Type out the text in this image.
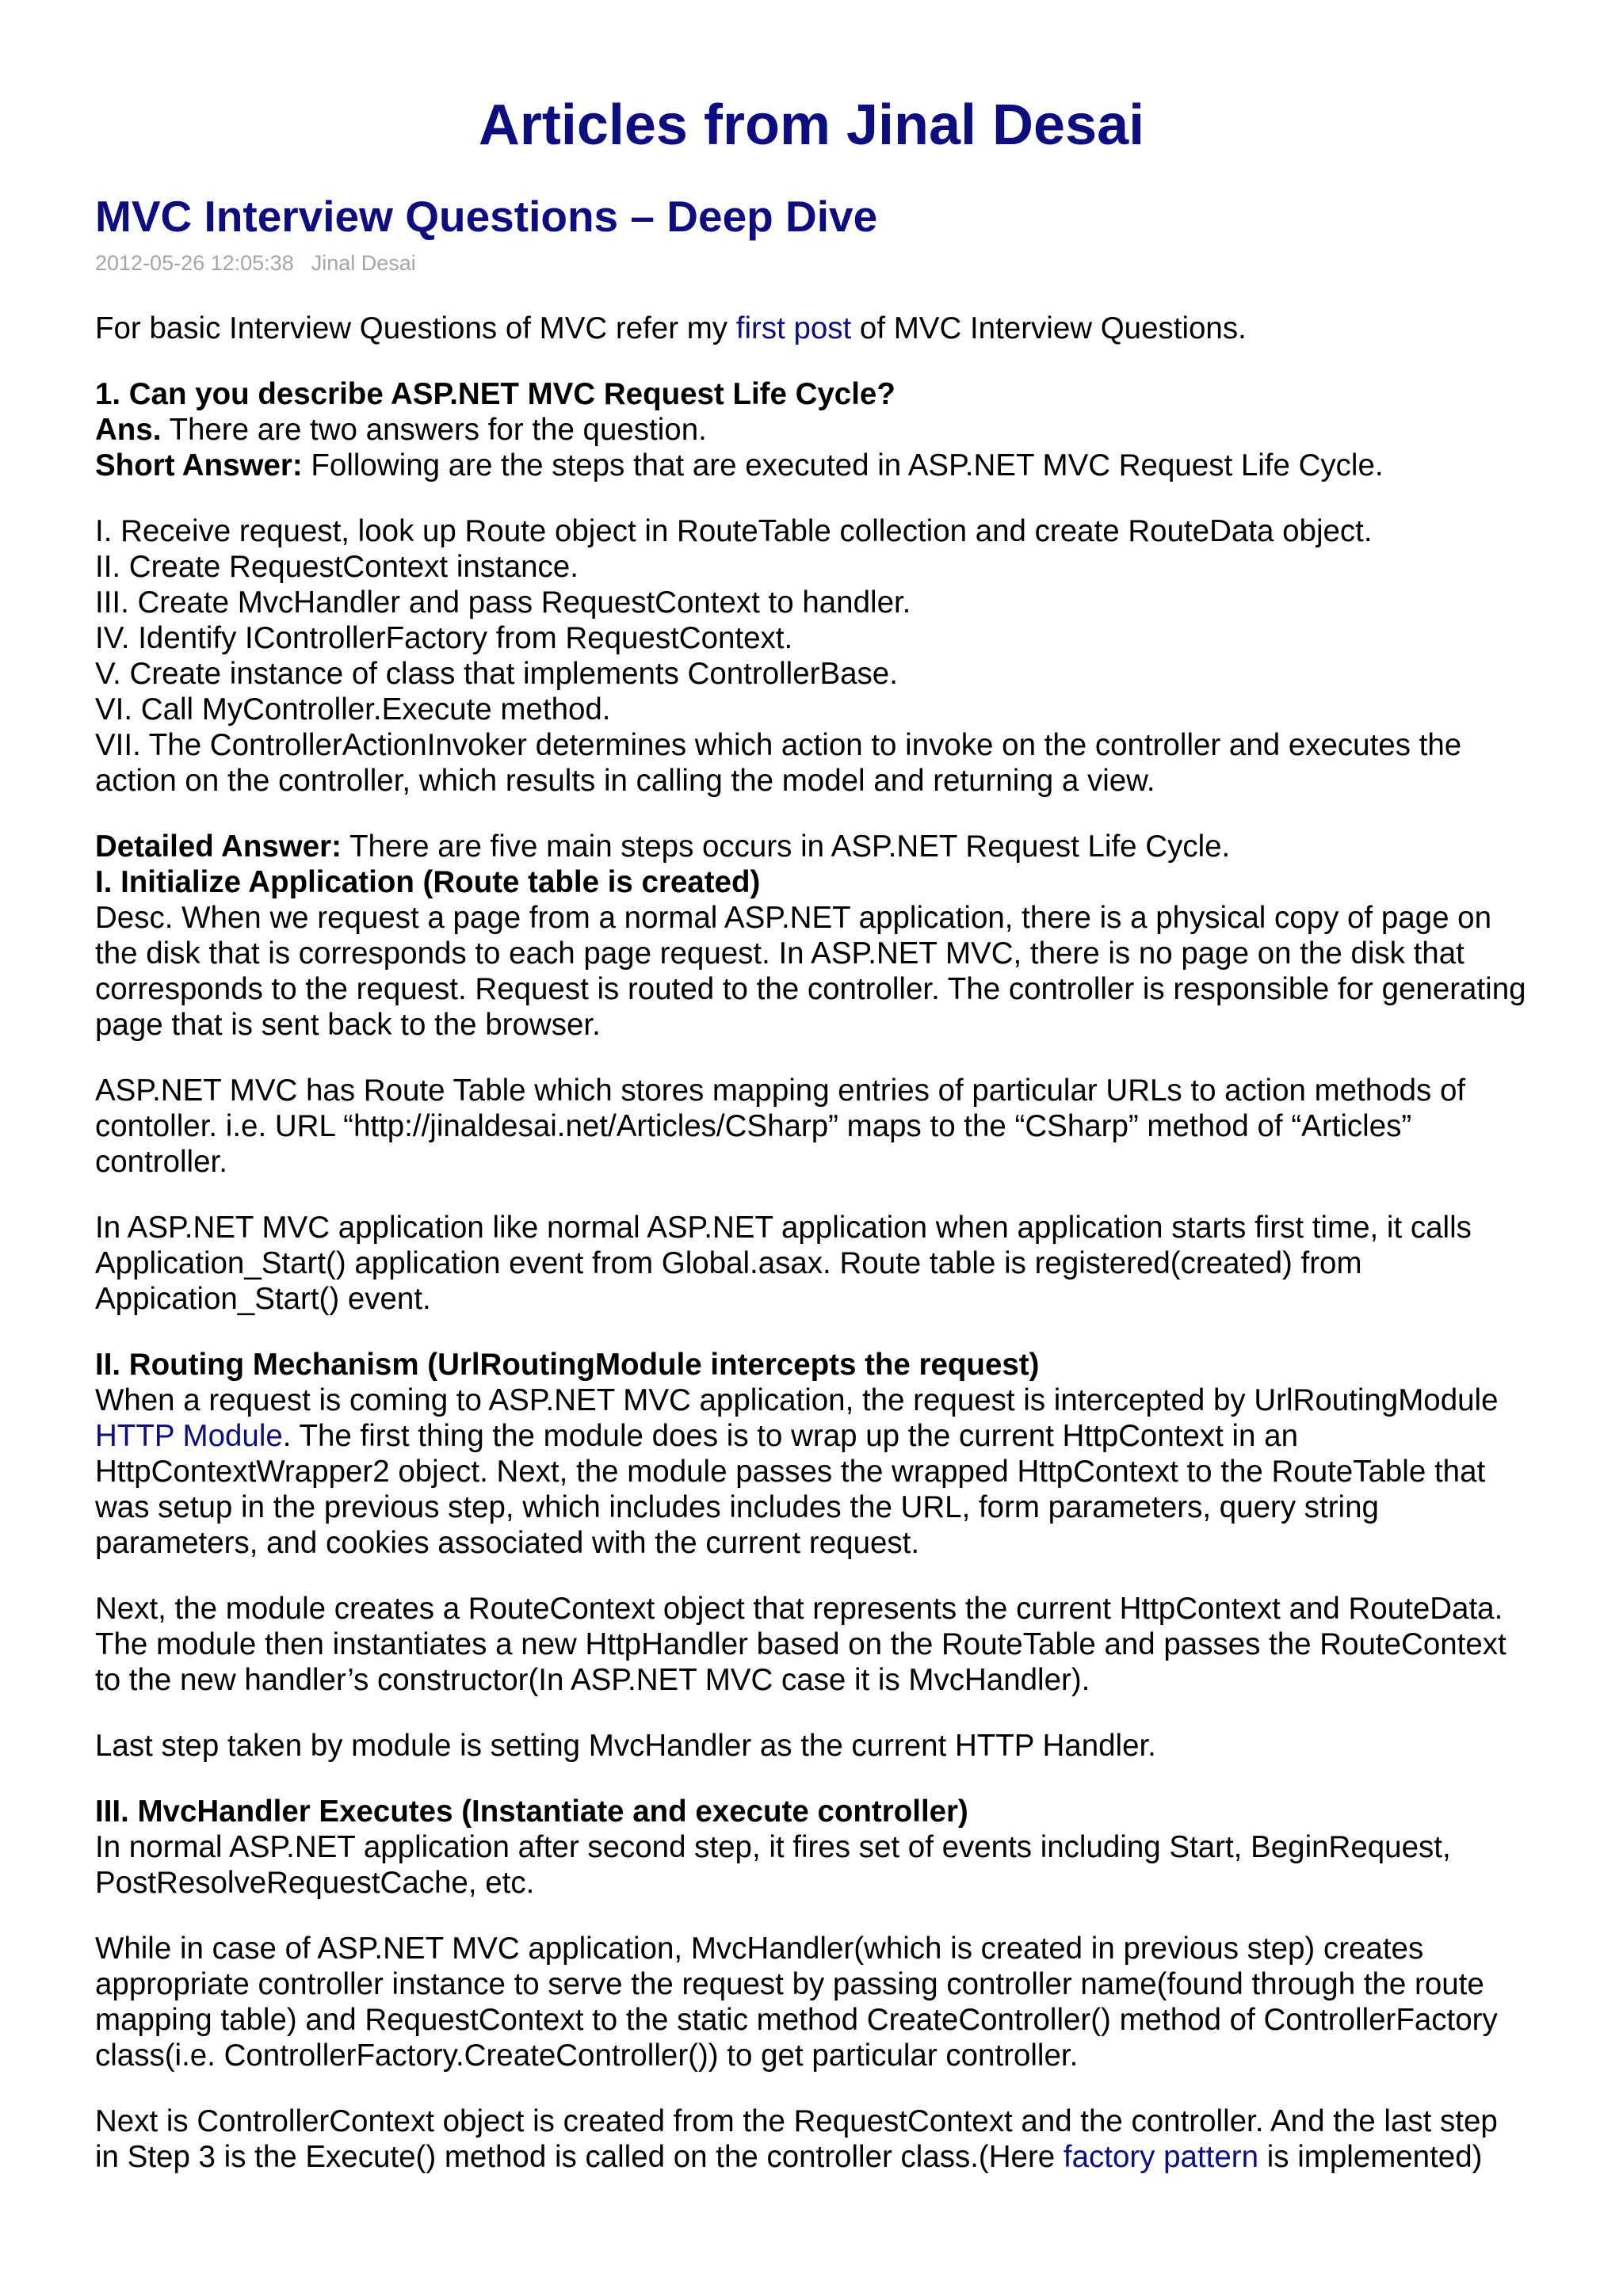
Articles from Jinal Desai
MVC Interview Questions – Deep Dive
2012-05-26 12:05:38 Jinal Desai

For basic Interview Questions of MVC refer my first post of MVC Interview Questions.

1. Can you describe ASP.NET MVC Request Life Cycle?

Ans. There are two answers for the question.

Short Answer: Following are the steps that are executed in ASP.NET MVC Request Life Cycle.

I. Receive request, look up Route object in RouteTable collection and create RouteData object.

II. Create RequestContext instance.

III. Create MvcHandler and pass RequestContext to handler.

IV. Identify IControllerFactory from RequestContext.

V. Create instance of class that implements ControllerBase.

VI. Call MyController.Execute method.

VII. The ControllerActionInvoker determines which action to invoke on the controller and executes the action on the controller, which results in calling the model and returning a view.

Detailed Answer: There are five main steps occurs in ASP.NET Request Life Cycle.

I. Initialize Application (Route table is created)

Desc. When we request a page from a normal ASP.NET application, there is a physical copy of page on the disk that is corresponds to each page request. In ASP.NET MVC, there is no page on the disk that corresponds to the request. Request is routed to the controller. The controller is responsible for generating page that is sent back to the browser.

ASP.NET MVC has Route Table which stores mapping entries of particular URLs to action methods of contoller. i.e. URL “http://jinaldesai.net/Articles/CSharp” maps to the “CSharp” method of “Articles” controller.

In ASP.NET MVC application like normal ASP.NET application when application starts first time, it calls Application_Start() application event from Global.asax. Route table is registered(created) from Appication_Start() event.

II. Routing Mechanism (UrlRoutingModule intercepts the request)

When a request is coming to ASP.NET MVC application, the request is intercepted by UrlRoutingModule HTTP Module. The first thing the module does is to wrap up the current HttpContext in an HttpContextWrapper2 object. Next, the module passes the wrapped HttpContext to the RouteTable that was setup in the previous step, which includes includes the URL, form parameters, query string parameters, and cookies associated with the current request.

Next, the module creates a RouteContext object that represents the current HttpContext and RouteData. The module then instantiates a new HttpHandler based on the RouteTable and passes the RouteContext to the new handler’s constructor(In ASP.NET MVC case it is MvcHandler).

Last step taken by module is setting MvcHandler as the current HTTP Handler.

III. MvcHandler Executes (Instantiate and execute controller)

In normal ASP.NET application after second step, it fires set of events including Start, BeginRequest, PostResolveRequestCache, etc.

While in case of ASP.NET MVC application, MvcHandler(which is created in previous step) creates appropriate controller instance to serve the request by passing controller name(found through the route mapping table) and RequestContext to the static method CreateController() method of ControllerFactory class(i.e. ControllerFactory.CreateController()) to get particular controller.

Next is ControllerContext object is created from the RequestContext and the controller. And the last step in Step 3 is the Execute() method is called on the controller class.(Here factory pattern is implemented)
